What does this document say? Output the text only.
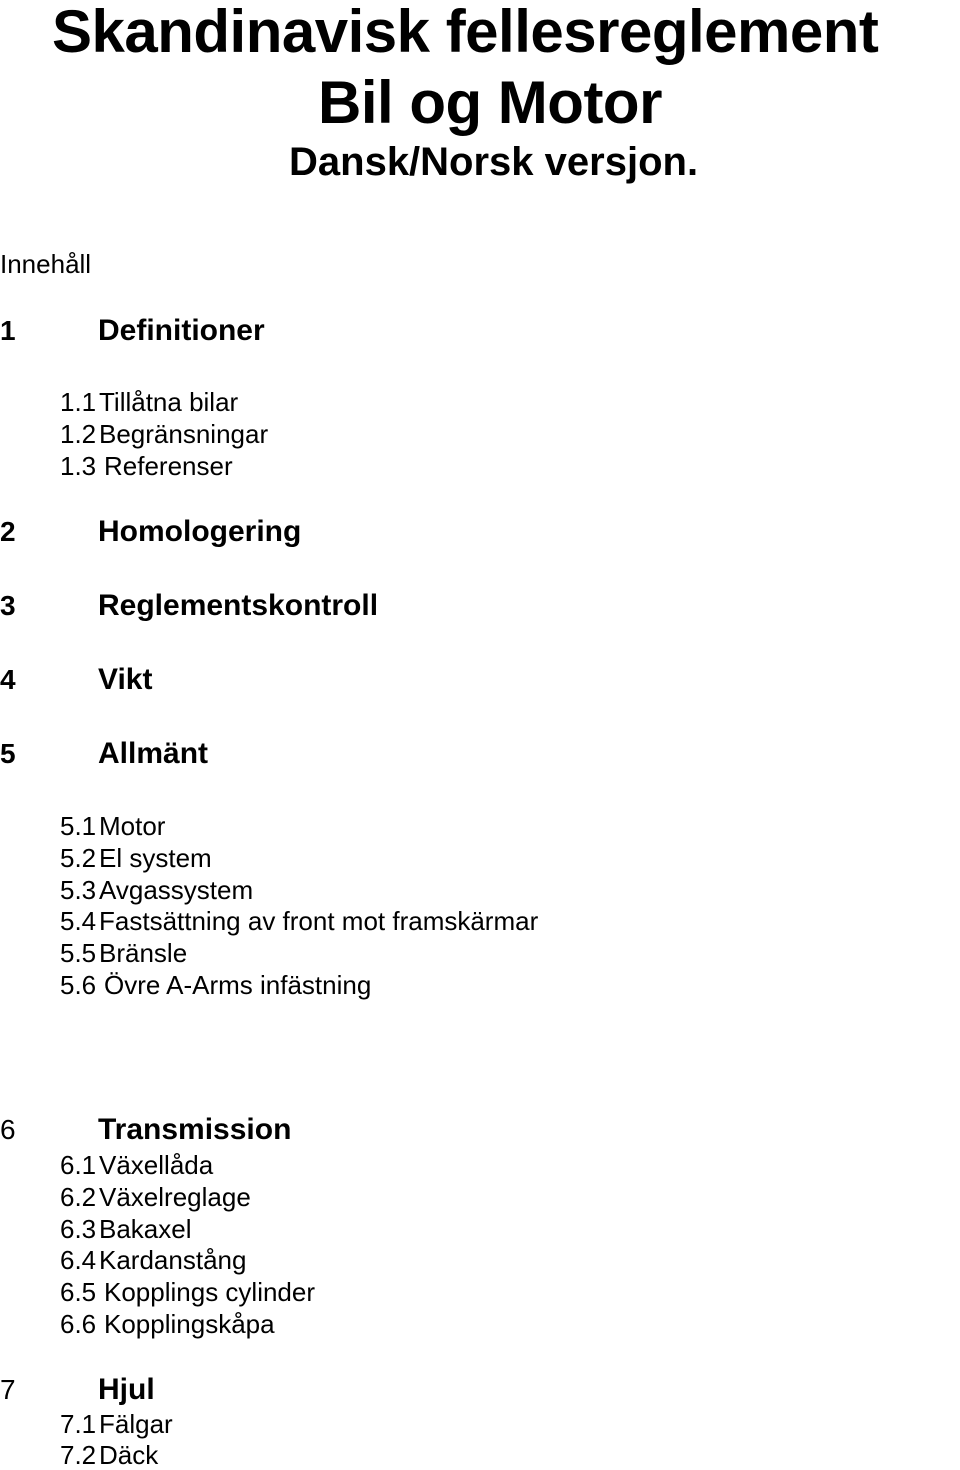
Skandinavisk fellesreglement
Bil og Motor
Dansk/Norsk versjon.
Innehåll
1	Definitioner
1.1 Tillåtna bilar
1.2 Begränsningar
1.3 Referenser
2	Homologering
3	Reglementskontroll
4	Vikt
5	Allmänt
5.1 Motor
5.2 El system
5.3 Avgassystem
5.4 Fastsättning av front mot framskärmar
5.5 Bränsle
5.6 Övre A-Arms infästning
6	Transmission
6.1 Växellåda
6.2 Växelreglage
6.3 Bakaxel
6.4 Kardanstång
6.5 Kopplings cylinder
6.6 Kopplingskåpa
7	Hjul
7.1 Fälgar
7.2 Däck
